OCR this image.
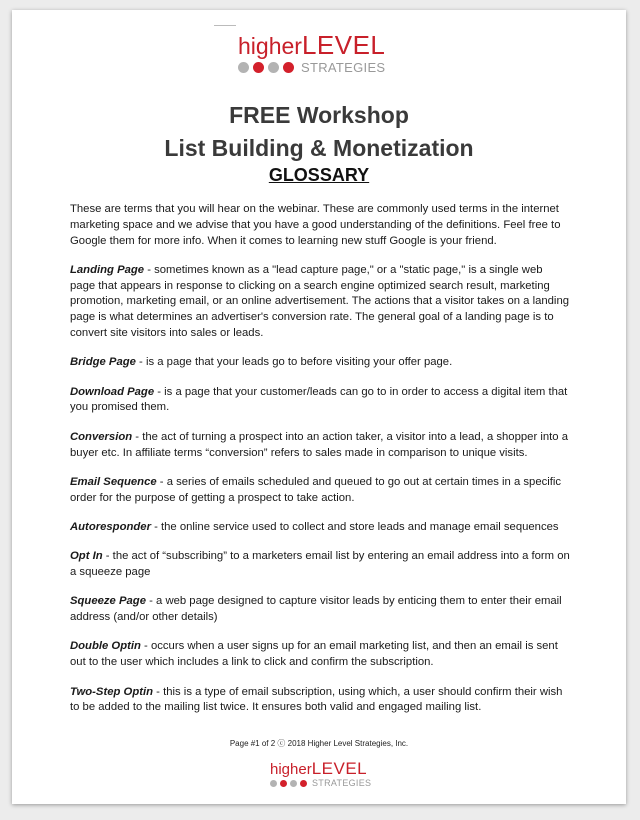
higherLEVEL
STRATEGIES
FREE Workshop
List Building & Monetization
GLOSSARY

These are terms that you will hear on the webinar. These are commonly used terms in the internet marketing space and we advise that you have a good understanding of the definitions. Feel free to Google them for more info. When it comes to learning new stuff Google is your friend.

Landing Page - sometimes known as a "lead capture page," or a "static page," is a single web page that appears in response to clicking on a search engine optimized search result, marketing promotion, marketing email, or an online advertisement. The actions that a visitor takes on a landing page is what determines an advertiser's conversion rate. The general goal of a landing page is to convert site visitors into sales or leads.

Bridge Page - is a page that your leads go to before visiting your offer page.

Download Page - is a page that your customer/leads can go to in order to access a digital item that you promised them.

Conversion - the act of turning a prospect into an action taker, a visitor into a lead, a shopper into a buyer etc. In affiliate terms “conversion” refers to sales made in comparison to unique visits.

Email Sequence - a series of emails scheduled and queued to go out at certain times in a specific order for the purpose of getting a prospect to take action.

Autoresponder - the online service used to collect and store leads and manage email sequences

Opt In - the act of “subscribing” to a marketers email list by entering an email address into a form on a squeeze page

Squeeze Page - a web page designed to capture visitor leads by enticing them to enter their email address (and/or other details)

Double Optin - occurs when a user signs up for an email marketing list, and then an email is sent out to the user which includes a link to click and confirm the subscription.

Two-Step Optin - this is a type of email subscription, using which, a user should confirm their wish to be added to the mailing list twice. It ensures both valid and engaged mailing list.

Page #1 of 2 ⓒ 2018 Higher Level Strategies, Inc.
higherLEVEL
STRATEGIES
